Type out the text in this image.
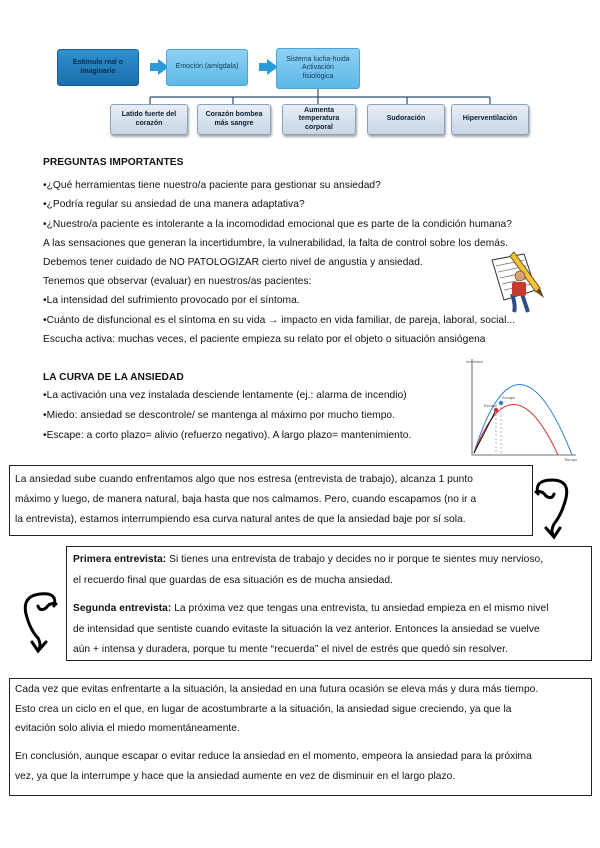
Estímulo real o
imaginario
Emoción (amígdala)
Sistema lucha-huida
Activación
fisiológica
Latido fuerte del
corazón
Corazón bombea
más sangre
Aumenta
temperatura
corporal
Sudoración	Hiperventilación
PREGUNTAS IMPORTANTES
•¿Qué herramientas tiene nuestro/a paciente para gestionar su ansiedad?
•¿Podría regular su ansiedad de una manera adaptativa?
•¿Nuestro/a paciente es intolerante a la incomodidad emocional que es parte de la condición humana?
A las sensaciones que generan la incertidumbre, la vulnerabilidad, la falta de control sobre los demás.
Debemos tener cuidado de NO PATOLOGIZAR cierto nivel de angustia y ansiedad.
Tenemos que observar (evaluar) en nuestros/as pacientes:
•La intensidad del sufrimiento provocado por el síntoma.
•Cuánto de disfuncional es el síntoma en su vida → impacto en vida familiar, de pareja, laboral, social...
Escucha activa: muchas veces, el paciente empieza su relato por el objeto o situación ansiógena
LA CURVA DE LA ANSIEDAD
•La activación una vez instalada desciende lentamente (ej.: alarma de incendio)
•Miedo: ansiedad se descontrole/ se mantenga al máximo por mucho tiempo.
•Escape: a corto plazo= alivio (refuerzo negativo). A largo plazo= mantenimiento.
Ansiedad
Tiempo
Escape
Escape
La ansiedad sube cuando enfrentamos algo que nos estresa (entrevista de trabajo), alcanza 1 punto
máximo y luego, de manera natural, baja hasta que nos calmamos. Pero, cuando escapamos (no ir a
la entrevista), estamos interrumpiendo esa curva natural antes de que la ansiedad baje por sí sola.
Primera entrevista: Si tienes una entrevista de trabajo y decides no ir porque te sientes muy nervioso,
el recuerdo final que guardas de esa situación es de mucha ansiedad.
Segunda entrevista: La próxima vez que tengas una entrevista, tu ansiedad empieza en el mismo nivel
de intensidad que sentiste cuando evitaste la situación la vez anterior. Entonces la ansiedad se vuelve
aún + intensa y duradera, porque tu mente “recuerda” el nivel de estrés que quedó sin resolver.
Cada vez que evitas enfrentarte a la situación, la ansiedad en una futura ocasión se eleva más y dura más tiempo.
Esto crea un ciclo en el que, en lugar de acostumbrarte a la situación, la ansiedad sigue creciendo, ya que la
evitación solo alivia el miedo momentáneamente.
En conclusión, aunque escapar o evitar reduce la ansiedad en el momento, empeora la ansiedad para la próxima
vez, ya que la interrumpe y hace que la ansiedad aumente en vez de disminuir en el largo plazo.
